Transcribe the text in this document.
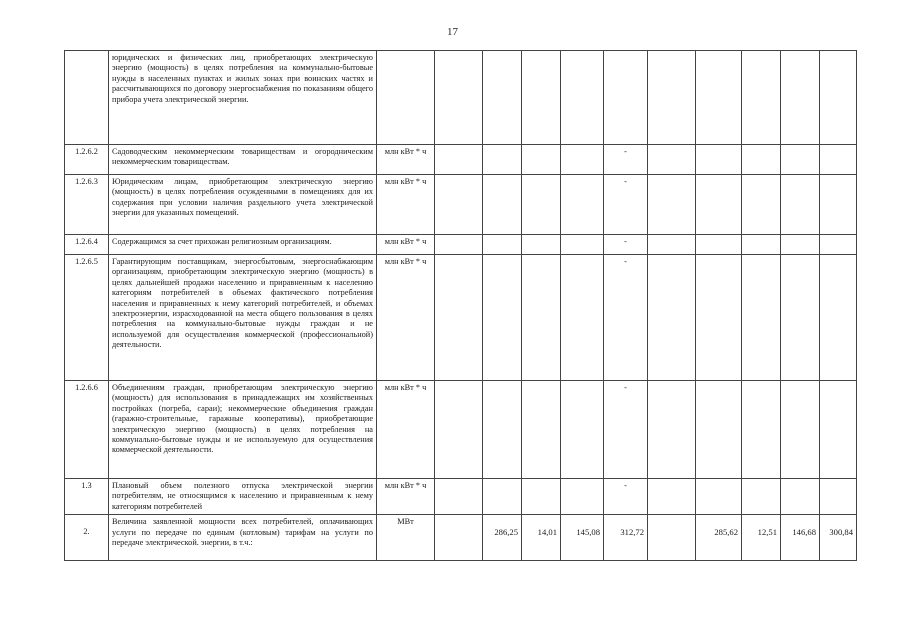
17
	юридических и физических лиц, приобретающих электрическую энергию (мощность) в целях потребления на коммунально-бытовые нужды в населенных пунктах и жилых зонах при воинских частях и рассчитывающихся по договору энергоснабжения по показаниям общего прибора учета электрической энергии.												
1.2.6.2	Садоводческим некоммерческим товариществам и огородническим некоммерческим товариществам.	млн кВт * ч					-						
1.2.6.3	Юридическим лицам, приобретающим электрическую энергию (мощность) в целях потребления осужденными в помещениях для их содержания при условии наличия раздельного учета электрической энергии для указанных помещений.	млн кВт * ч					-						
1.2.6.4	Содержащимся за счет прихожан религиозным организациям.	млн кВт * ч					-						
1.2.6.5	Гарантирующим поставщикам, энергосбытовым, энергоснабжающим организациям, приобретающим электрическую энергию (мощность) в целях дальнейшей продажи населению и приравненным к населению категориям потребителей в объемах фактического потребления населения и приравненных к нему категорий потребителей, и объемах электроэнергии, израсходованной на места общего пользования в целях потребления на коммунально-бытовые нужды граждан и не используемой для осуществления коммерческой (профессиональной) деятельности.	млн кВт * ч					-						
1.2.6.6	Объединениям граждан, приобретающим электрическую энергию (мощность) для использования в принадлежащих им хозяйственных постройках (погреба, сараи); некоммерческие объединения граждан (гаражно-строительные, гаражные кооперативы), приобретающие электрическую энергию (мощность) в целях потребления на коммунально-бытовые нужды и не используемую для осуществления коммерческой деятельности.	млн кВт * ч					-						
1.3	Плановый объем полезного отпуска электрической энергии потребителям, не относящимся к населению и приравненным к нему категориям потребителей	млн кВт * ч					-						
2.	Величина заявленной мощности всех потребителей, оплачивающих услуги по передаче по единым (котловым) тарифам на услуги по передаче электрической. энергии, в т.ч.:	МВт		286,25	14,01	145,08	312,72		285,62	12,51	146,68	300,84	
